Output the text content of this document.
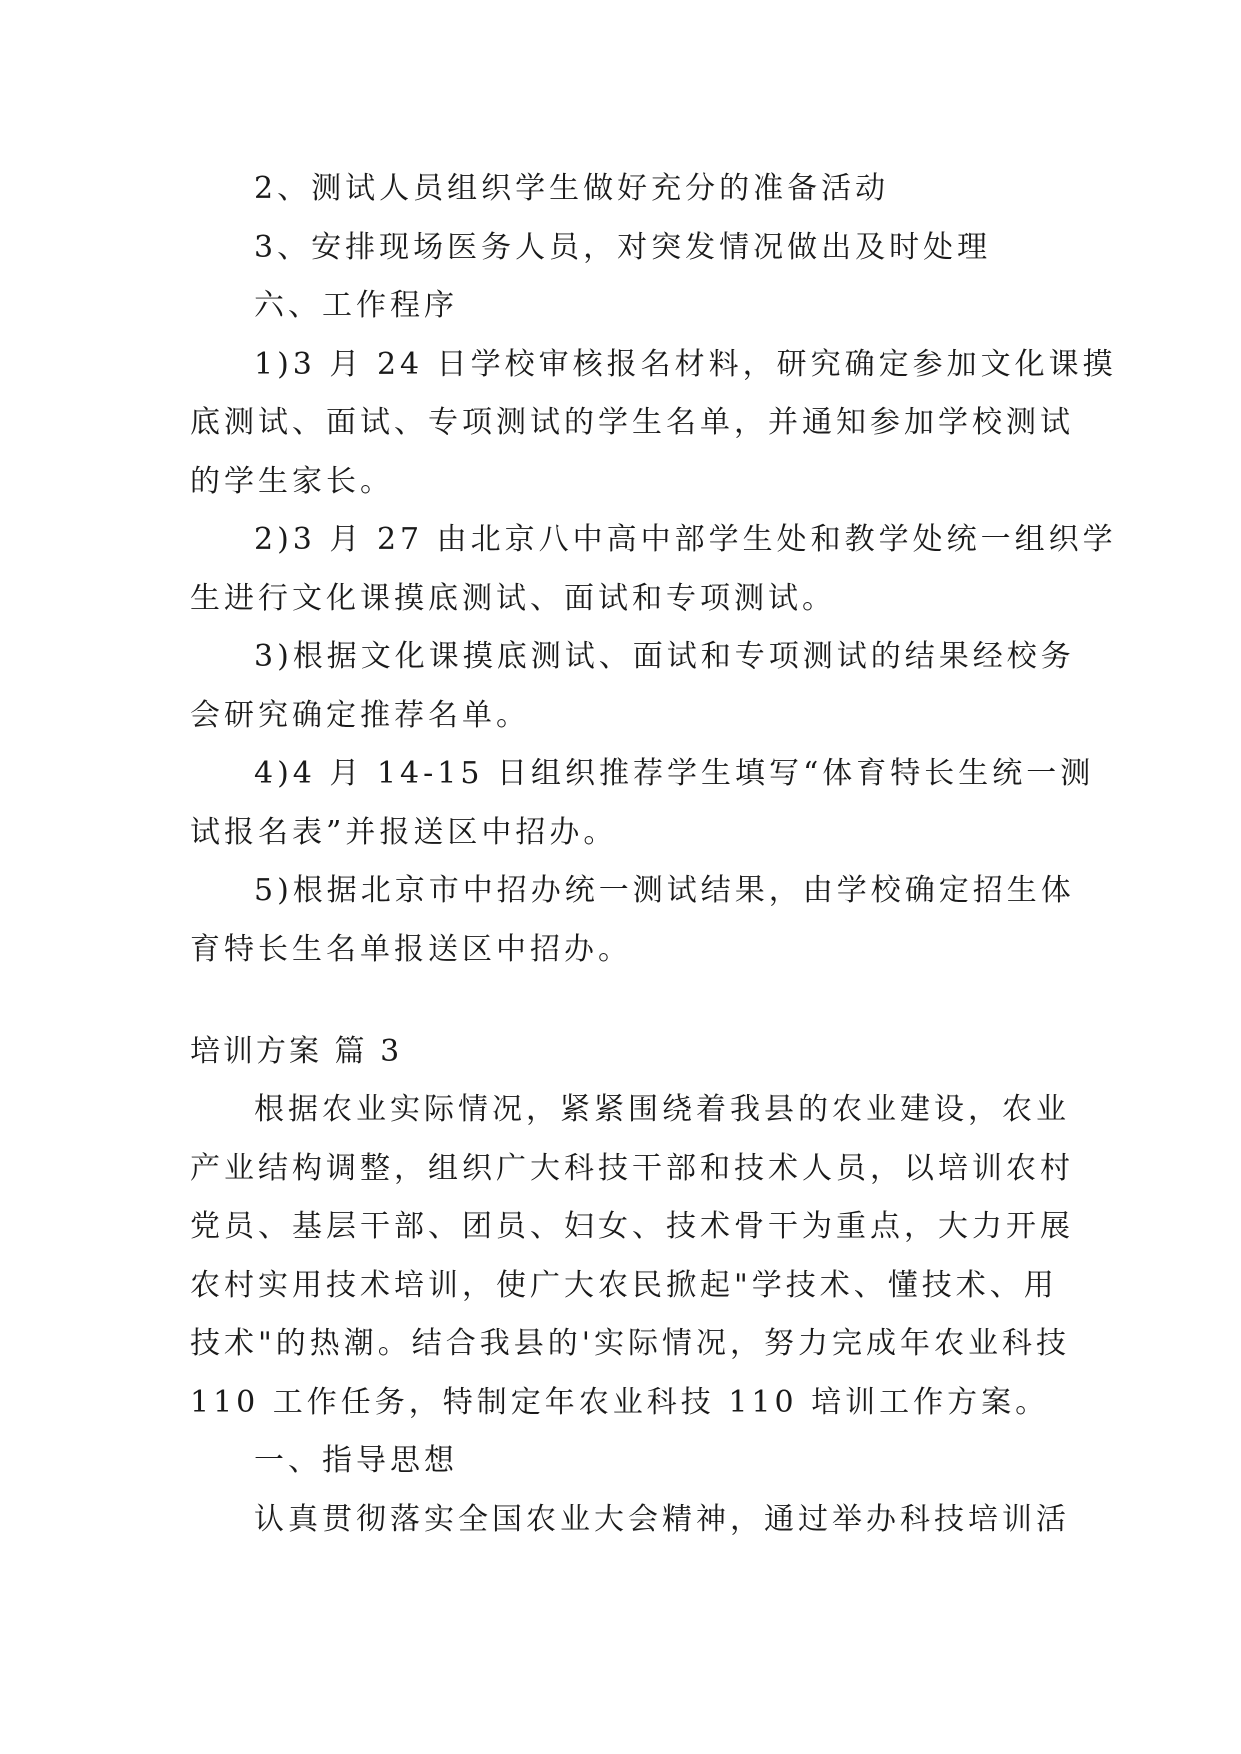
2、测试人员组织学生做好充分的准备活动
3、安排现场医务人员，对突发情况做出及时处理
六、工作程序
1)3 月 24 日学校审核报名材料，研究确定参加文化课摸
底测试、面试、专项测试的学生名单，并通知参加学校测试
的学生家长。
2)3 月 27 由北京八中高中部学生处和教学处统一组织学
生进行文化课摸底测试、面试和专项测试。
3)根据文化课摸底测试、面试和专项测试的结果经校务
会研究确定推荐名单。
4)4 月 14-15 日组织推荐学生填写“体育特长生统一测
试报名表”并报送区中招办。
5)根据北京市中招办统一测试结果，由学校确定招生体
育特长生名单报送区中招办。
培训方案 篇 3
根据农业实际情况，紧紧围绕着我县的农业建设，农业
产业结构调整，组织广大科技干部和技术人员，以培训农村
党员、基层干部、团员、妇女、技术骨干为重点，大力开展
农村实用技术培训，使广大农民掀起"学技术、懂技术、用
技术"的热潮。结合我县的'实际情况，努力完成年农业科技
110 工作任务，特制定年农业科技 110 培训工作方案。
一、指导思想
认真贯彻落实全国农业大会精神，通过举办科技培训活
